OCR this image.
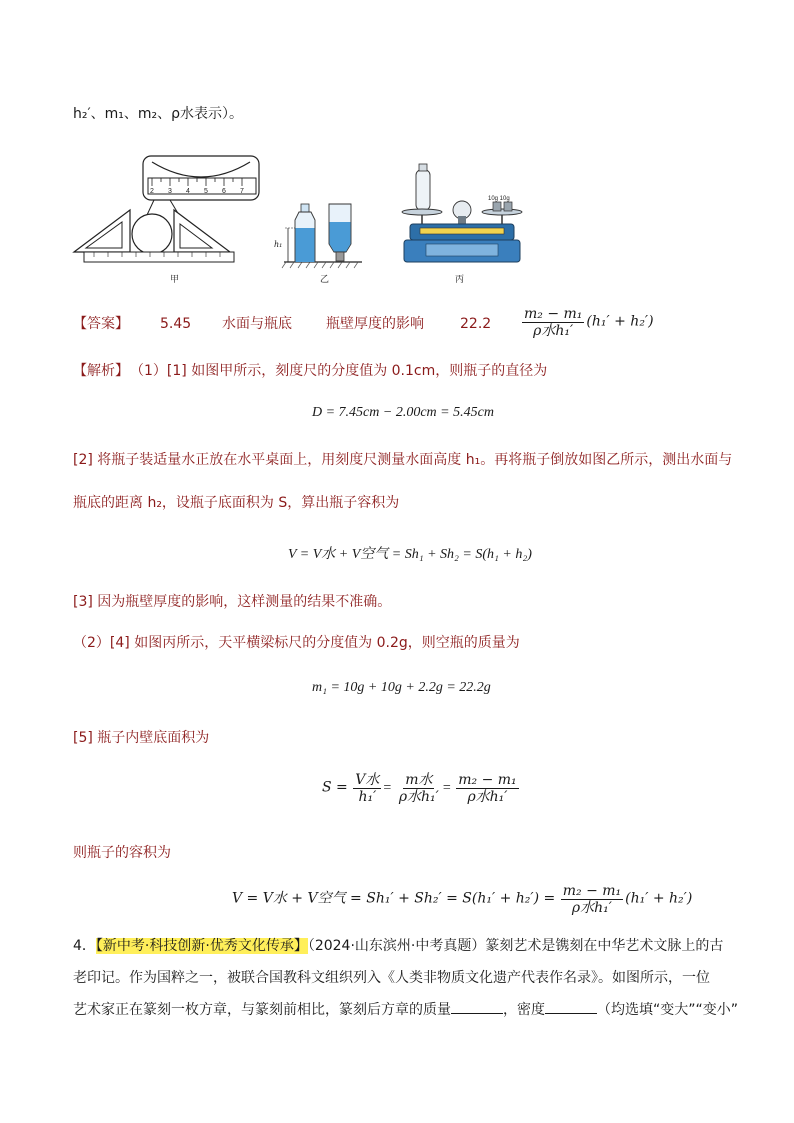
h₂′、m₁、m₂、ρ水表示）。
2 3 4 5 6 7
甲
h₁
乙
10g 10g
丙
【答案】 5.45 水面与瓶底 瓶壁厚度的影响	$22.2 \frac{\text{m₂ − m₁}}{\text{ρ水h₁′}} (h_1' + h_2')$
【解析】 （1）[1] 如图甲所示，刻度尺的分度值为 0.1cm，则瓶子的直径为
D = 7.45cm − 2.00cm = 5.45cm
[2] 将瓶子装适量水正放在水平桌面上，用刻度尺测量水面高度 h₁。再将瓶子倒放如图乙所示，测出水面与
瓶底的距离 h₂，设瓶子底面积为 S，算出瓶子容积为
V = V水 + V空气 = Sh₁ + Sh₂ = S(h₁ + h₂)
[3] 因为瓶壁厚度的影响，这样测量的结果不准确。
（2）[4] 如图丙所示，天平横梁标尺的分度值为 0.2g，则空瓶的质量为
m₁ = 10g + 10g + 2.2g = 22.2g
[5] 瓶子内壁底面积为
$S = \frac{\text{V水}}{\text{h₁′}} = \frac{\text{m水}}{\text{ρ水h₁′}} = \frac{\text{m₂ − m₁}}{\text{ρ水h₁′}}$
则瓶子的容积为
V = V水 + V空气 = $Sh_1' + Sh_2' = S(h_1' + h_2') = \frac{\text{m₂ − m₁}}{\text{ρ水h₁′}} (h_1' + h_2')$
4．【新中考·科技创新·优秀文化传承】（2024·山东滨州·中考真题）篆刻艺术是镌刻在中华艺术文脉上的古
老印记。作为国粹之一，被联合国教科文组织列入《人类非物质文化遗产代表作名录》。如图所示，一位
艺术家正在篆刻一枚方章，与篆刻前相比，篆刻后方章的质量	，密度	（均选填“变大”“变小”
